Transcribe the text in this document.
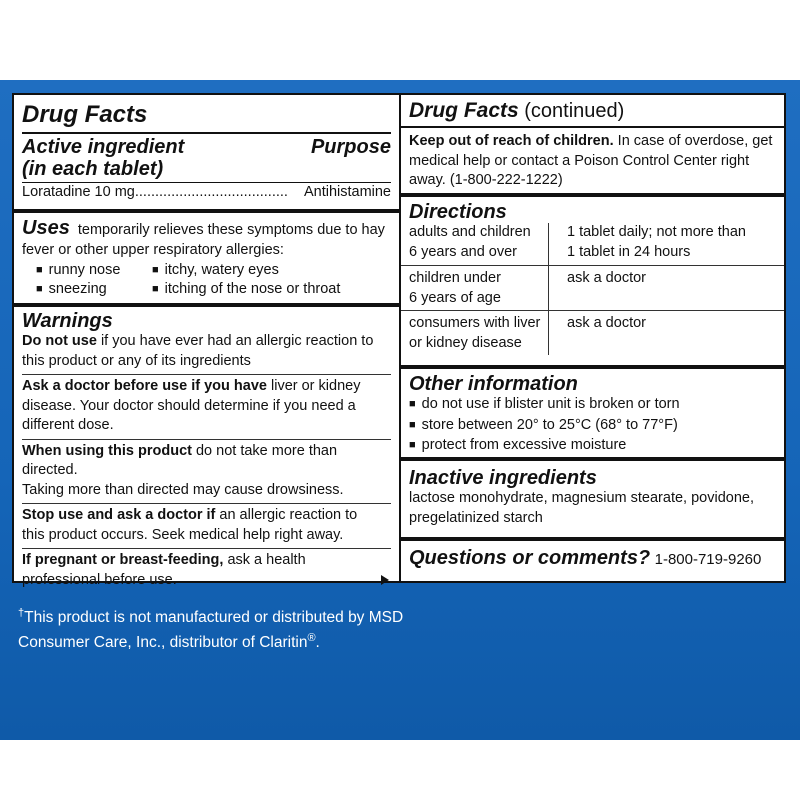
Drug Facts
Active ingredient
(in each tablet)
Purpose
Loratadine 10 mg...................................... Antihistamine
Uses temporarily relieves these symptoms due to hay
fever or other upper respiratory allergies:
■ runny nose	■ itchy, watery eyes
■ sneezing	■ itching of the nose or throat
Warnings
Do not use if you have ever had an allergic reaction to
this product or any of its ingredients
Ask a doctor before use if you have liver or kidney
disease. Your doctor should determine if you need a
different dose.
When using this product do not take more than directed.
Taking more than directed may cause drowsiness.
Stop use and ask a doctor if an allergic reaction to
this product occurs. Seek medical help right away.
If pregnant or breast-feeding, ask a health
professional before use.
Drug Facts (continued)
Keep out of reach of children. In case of overdose, get
medical help or contact a Poison Control Center right
away. (1-800-222-1222)
Directions
adults and children
6 years and over
1 tablet daily; not more than
1 tablet in 24 hours
children under
6 years of age
ask a doctor
consumers with liver
or kidney disease
ask a doctor
Other information
■ do not use if blister unit is broken or torn
■ store between 20° to 25°C (68° to 77°F)
■ protect from excessive moisture
Inactive ingredients
lactose monohydrate, magnesium stearate, povidone,
pregelatinized starch
Questions or comments? 1-800-719-9260
†This product is not manufactured or distributed by MSD
Consumer Care, Inc., distributor of Claritin®.
